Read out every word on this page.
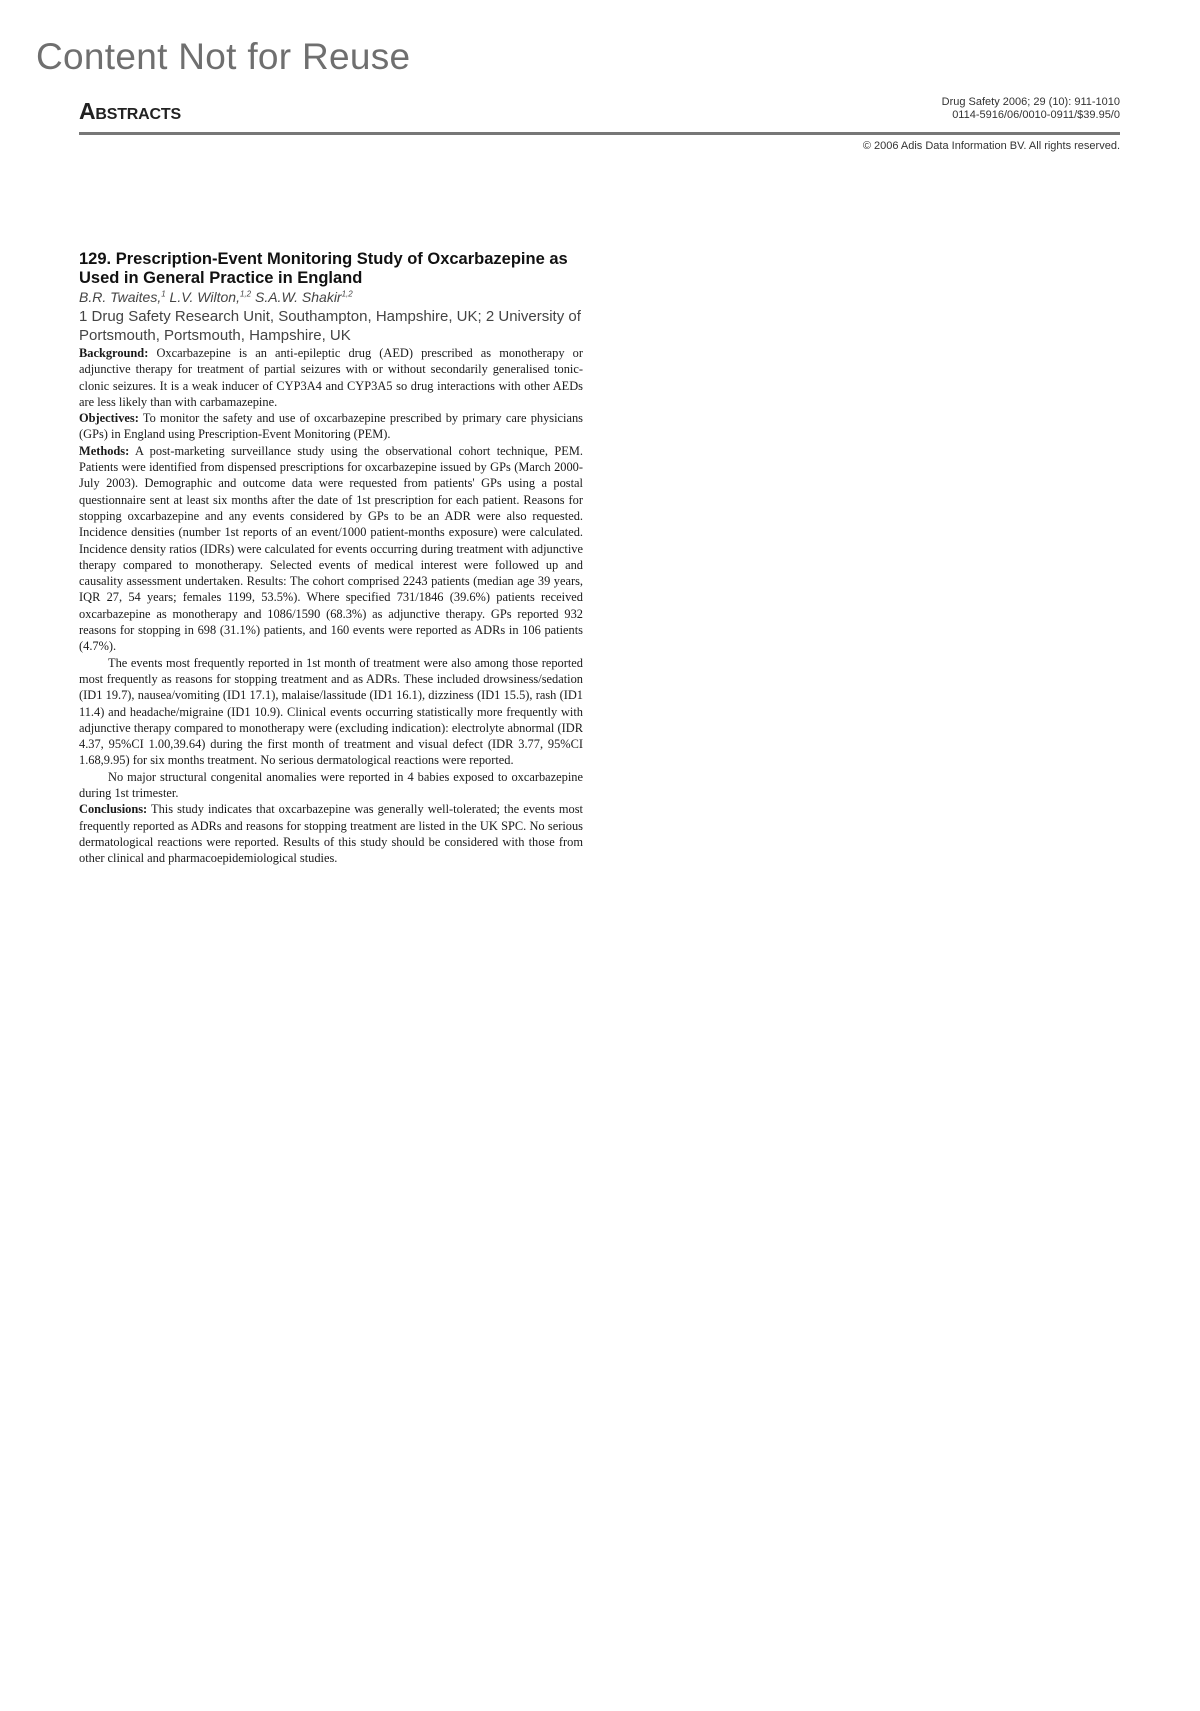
Content Not for Reuse
Abstracts	Drug Safety 2006; 29 (10): 911-1010
0114-5916/06/0010-0911/$39.95/0
© 2006 Adis Data Information BV. All rights reserved.

129. Prescription-Event Monitoring Study of Oxcarbazepine as Used in General Practice in England

B.R. Twaites,$^1$ L.V. Wilton,$^{1,2}$ S.A.W. Shakir$^{1,2}$

1 Drug Safety Research Unit, Southampton, Hampshire, UK; 2 University of Portsmouth, Portsmouth, Hampshire, UK

Background: Oxcarbazepine is an anti-epileptic drug (AED) prescribed as monotherapy or adjunctive therapy for treatment of partial seizures with or without secondarily generalised tonic-clonic seizures. It is a weak inducer of CYP3A4 and CYP3A5 so drug interactions with other AEDs are less likely than with carbamazepine.

Objectives: To monitor the safety and use of oxcarbazepine prescribed by primary care physicians (GPs) in England using Prescription-Event Monitoring (PEM).

Methods: A post-marketing surveillance study using the observational cohort technique, PEM. Patients were identified from dispensed prescriptions for oxcarbazepine issued by GPs (March 2000-July 2003). Demographic and outcome data were requested from patients' GPs using a postal questionnaire sent at least six months after the date of 1st prescription for each patient. Reasons for stopping oxcarbazepine and any events considered by GPs to be an ADR were also requested. Incidence densities (number 1st reports of an event/1000 patient-months exposure) were calculated. Incidence density ratios (IDRs) were calculated for events occurring during treatment with adjunctive therapy compared to monotherapy. Selected events of medical interest were followed up and causality assessment undertaken. Results: The cohort comprised 2243 patients (median age 39 years, IQR 27, 54 years; females 1199, 53.5%). Where specified 731/1846 (39.6%) patients received oxcarbazepine as monotherapy and 1086/1590 (68.3%) as adjunctive therapy. GPs reported 932 reasons for stopping in 698 (31.1%) patients, and 160 events were reported as ADRs in 106 patients (4.7%).

The events most frequently reported in 1st month of treatment were also among those reported most frequently as reasons for stopping treatment and as ADRs. These included drowsiness/sedation (ID1 19.7), nausea/vomiting (ID1 17.1), malaise/lassitude (ID1 16.1), dizziness (ID1 15.5), rash (ID1 11.4) and headache/migraine (ID1 10.9). Clinical events occurring statistically more frequently with adjunctive therapy compared to monotherapy were (excluding indication): electrolyte abnormal (IDR 4.37, 95%CI 1.00,39.64) during the first month of treatment and visual defect (IDR 3.77, 95%CI 1.68,9.95) for six months treatment. No serious dermatological reactions were reported.

No major structural congenital anomalies were reported in 4 babies exposed to oxcarbazepine during 1st trimester.

Conclusions: This study indicates that oxcarbazepine was generally well-tolerated; the events most frequently reported as ADRs and reasons for stopping treatment are listed in the UK SPC. No serious dermatological reactions were reported. Results of this study should be considered with those from other clinical and pharmacoepidemiological studies.
